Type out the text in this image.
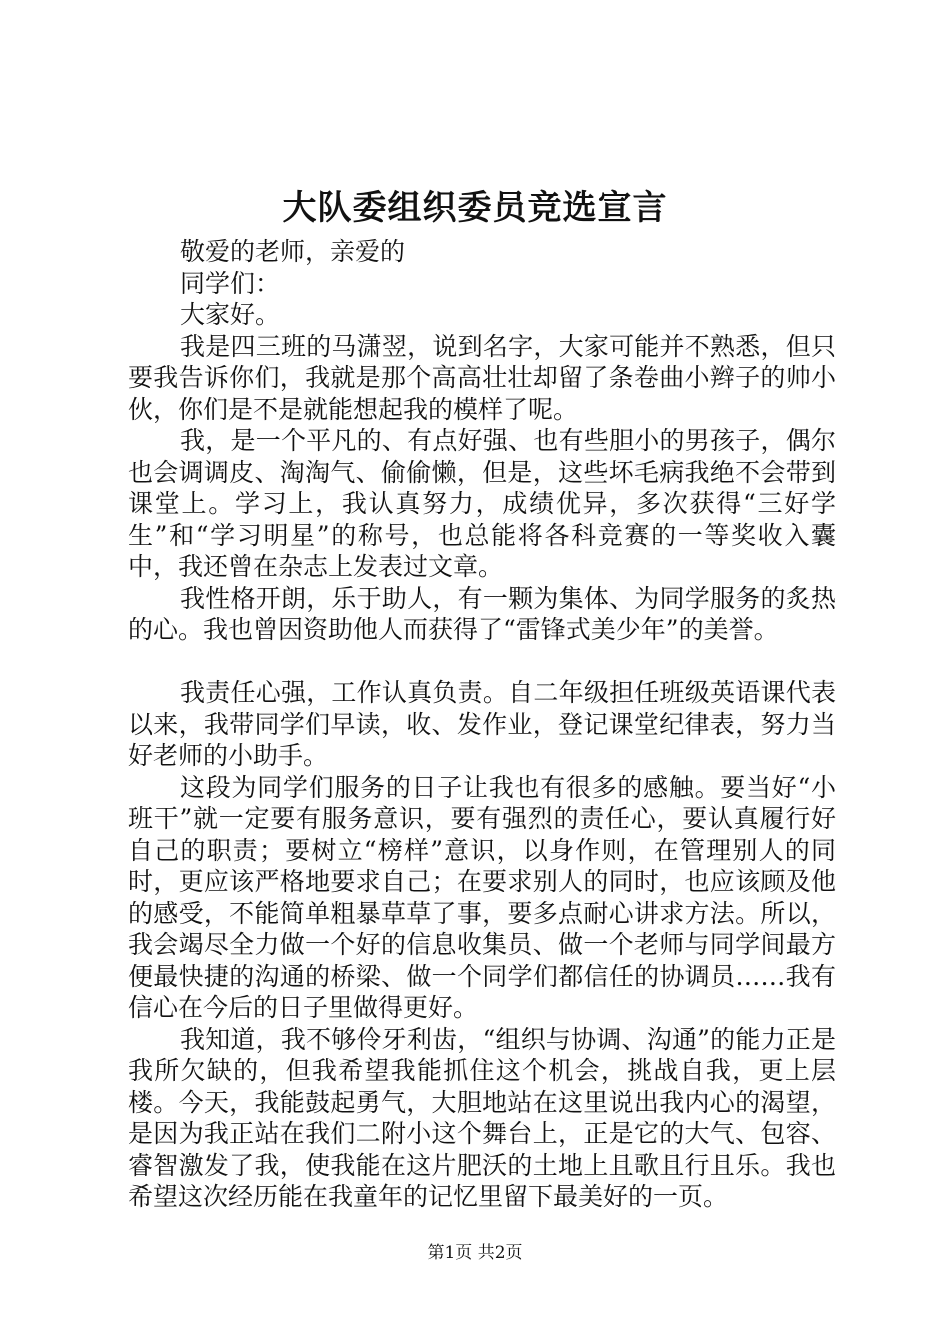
大队委组织委员竞选宣言

敬爱的老师，亲爱的

同学们：

大家好。

我是四三班的马潇翌，说到名字，大家可能并不熟悉，但只要我告诉你们，我就是那个高高壮壮却留了条卷曲小辫子的帅小伙，你们是不是就能想起我的模样了呢。

我，是一个平凡的、有点好强、也有些胆小的男孩子，偶尔也会调调皮、淘淘气、偷偷懒，但是，这些坏毛病我绝不会带到课堂上。学习上，我认真努力，成绩优异，多次获得“三好学生”和“学习明星”的称号，也总能将各科竞赛的一等奖收入囊中，我还曾在杂志上发表过文章。

我性格开朗，乐于助人，有一颗为集体、为同学服务的炙热的心。我也曾因资助他人而获得了“雷锋式美少年”的美誉。

我责任心强，工作认真负责。自二年级担任班级英语课代表以来，我带同学们早读，收、发作业，登记课堂纪律表，努力当好老师的小助手。

这段为同学们服务的日子让我也有很多的感触。要当好“小班干”就一定要有服务意识，要有强烈的责任心，要认真履行好自己的职责；要树立“榜样”意识，以身作则，在管理别人的同时，更应该严格地要求自己；在要求别人的同时，也应该顾及他的感受，不能简单粗暴草草了事，要多点耐心讲求方法。所以，我会竭尽全力做一个好的信息收集员、做一个老师与同学间最方便最快捷的沟通的桥梁、做一个同学们都信任的协调员……我有信心在今后的日子里做得更好。

我知道，我不够伶牙利齿，“组织与协调、沟通”的能力正是我所欠缺的，但我希望我能抓住这个机会，挑战自我，更上层楼。今天，我能鼓起勇气，大胆地站在这里说出我内心的渴望，是因为我正站在我们二附小这个舞台上，正是它的大气、包容、睿智激发了我，使我能在这片肥沃的土地上且歌且行且乐。我也希望这次经历能在我童年的记忆里留下最美好的一页。

第1页 共2页
